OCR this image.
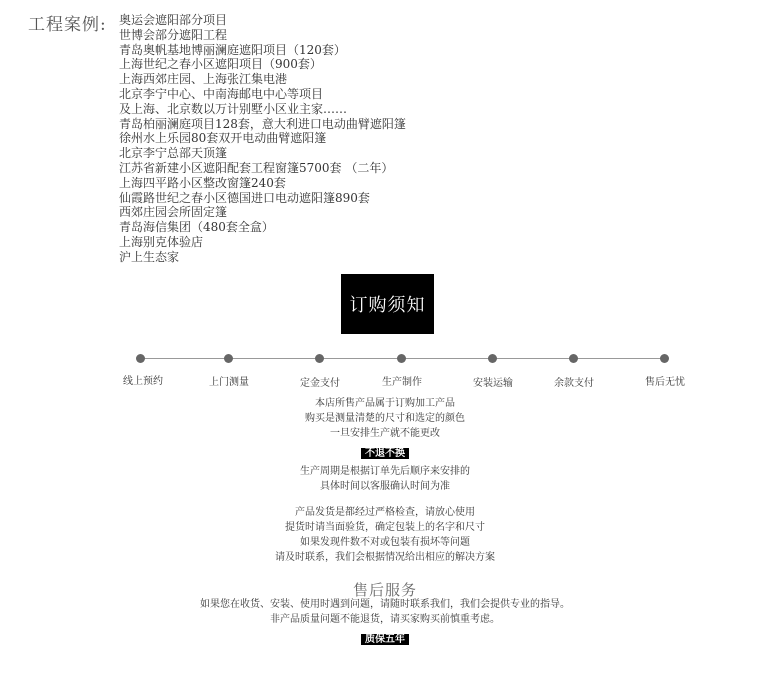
工程案例: 奥运会遮阳部分项目
世博会部分遮阳工程
青岛奥帆基地博丽澜庭遮阳项目（120套）
上海世纪之春小区遮阳项目（900套）
上海西郊庄园、上海张江集电港
北京李宁中心、中南海邮电中心等项目
及上海、北京数以万计别墅小区业主家……
青岛柏丽澜庭项目128套，意大利进口电动曲臂遮阳篷
徐州水上乐园80套双开电动曲臂遮阳篷
北京李宁总部天顶篷
江苏省新建小区遮阳配套工程窗篷5700套 （二年）
上海四平路小区整改窗篷240套
仙霞路世纪之春小区德国进口电动遮阳篷890套
西郊庄园会所固定篷
青岛海信集团（480套全盒）
上海别克体验店
沪上生态家
订购须知
线上预约	上门测量	定金支付	生产制作	安装运输	余款支付	售后无忧

本店所售产品属于订购加工产品

购买是测量清楚的尺寸和选定的颜色

一旦安排生产就不能更改

不退不换

生产周期是根据订单先后顺序来安排的

具体时间以客服确认时间为准

产品发货是都经过严格检查，请放心使用

提货时请当面验货，确定包装上的名字和尺寸

如果发现件数不对或包装有损坏等问题

请及时联系，我们会根据情况给出相应的解决方案

售后服务

如果您在收货、安装、使用时遇到问题，请随时联系我们，我们会提供专业的指导。

非产品质量问题不能退货，请买家购买前慎重考虑。

质保五年
